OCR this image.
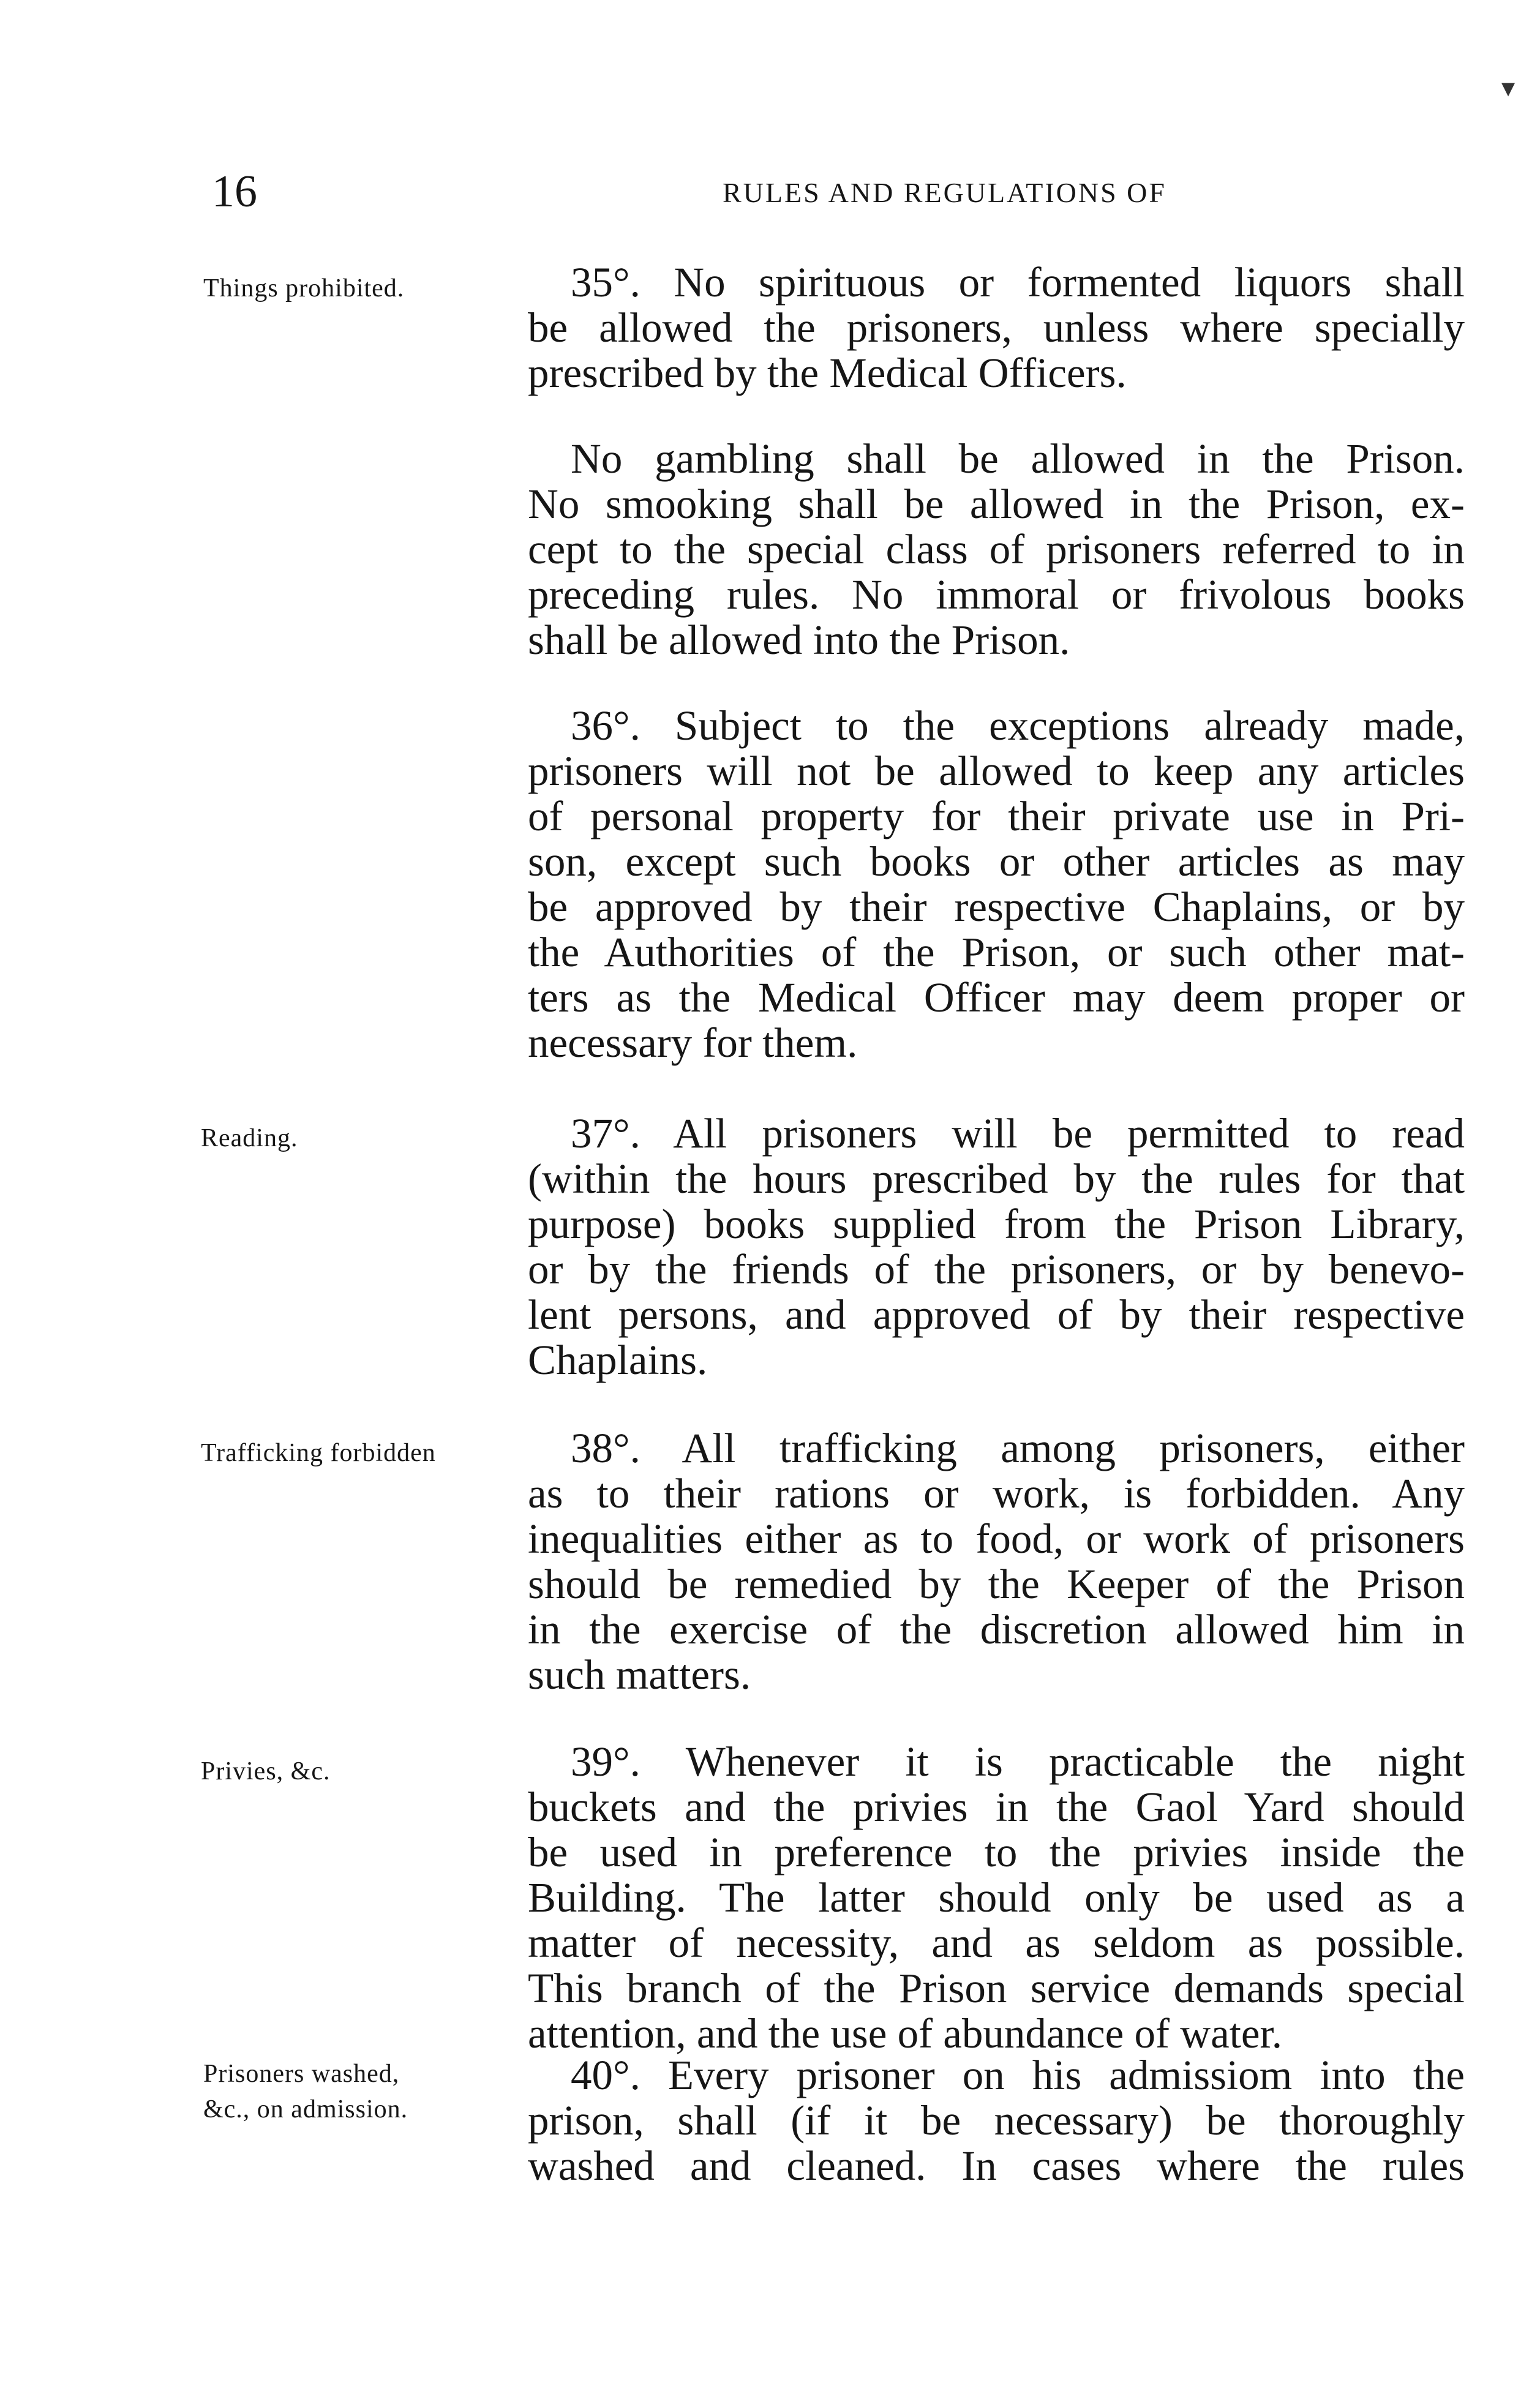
▾
16	RULES AND REGULATIONS OF
Things prohibited.	35°. No spirituous or formented liquors shall
be allowed the prisoners, unless where specially
prescribed by the Medical Officers.
No gambling shall be allowed in the Prison.
No smooking shall be allowed in the Prison, ex-
cept to the special class of prisoners referred to in
preceding rules. No immoral or frivolous books
shall be allowed into the Prison.
36°. Subject to the exceptions already made,
prisoners will not be allowed to keep any articles
of personal property for their private use in Pri-
son, except such books or other articles as may
be approved by their respective Chaplains, or by
the Authorities of the Prison, or such other mat-
ters as the Medical Officer may deem proper or
necessary for them.
Reading.	37°. All prisoners will be permitted to read
(within the hours prescribed by the rules for that
purpose) books supplied from the Prison Library,
or by the friends of the prisoners, or by benevo-
lent persons, and approved of by their respective
Chaplains.
Trafficking forbidden	38°. All trafficking among prisoners, either
as to their rations or work, is forbidden. Any
inequalities either as to food, or work of prisoners
should be remedied by the Keeper of the Prison
in the exercise of the discretion allowed him in
such matters.
Privies, &c.	39°. Whenever it is practicable the night
buckets and the privies in the Gaol Yard should
be used in preference to the privies inside the
Building. The latter should only be used as a
matter of necessity, and as seldom as possible.
This branch of the Prison service demands special
attention, and the use of abundance of water.
Prisoners washed,
&c., on admission.
40°. Every prisoner on his admissiom into the
prison, shall (if it be necessary) be thoroughly
washed and cleaned. In cases where the rules
